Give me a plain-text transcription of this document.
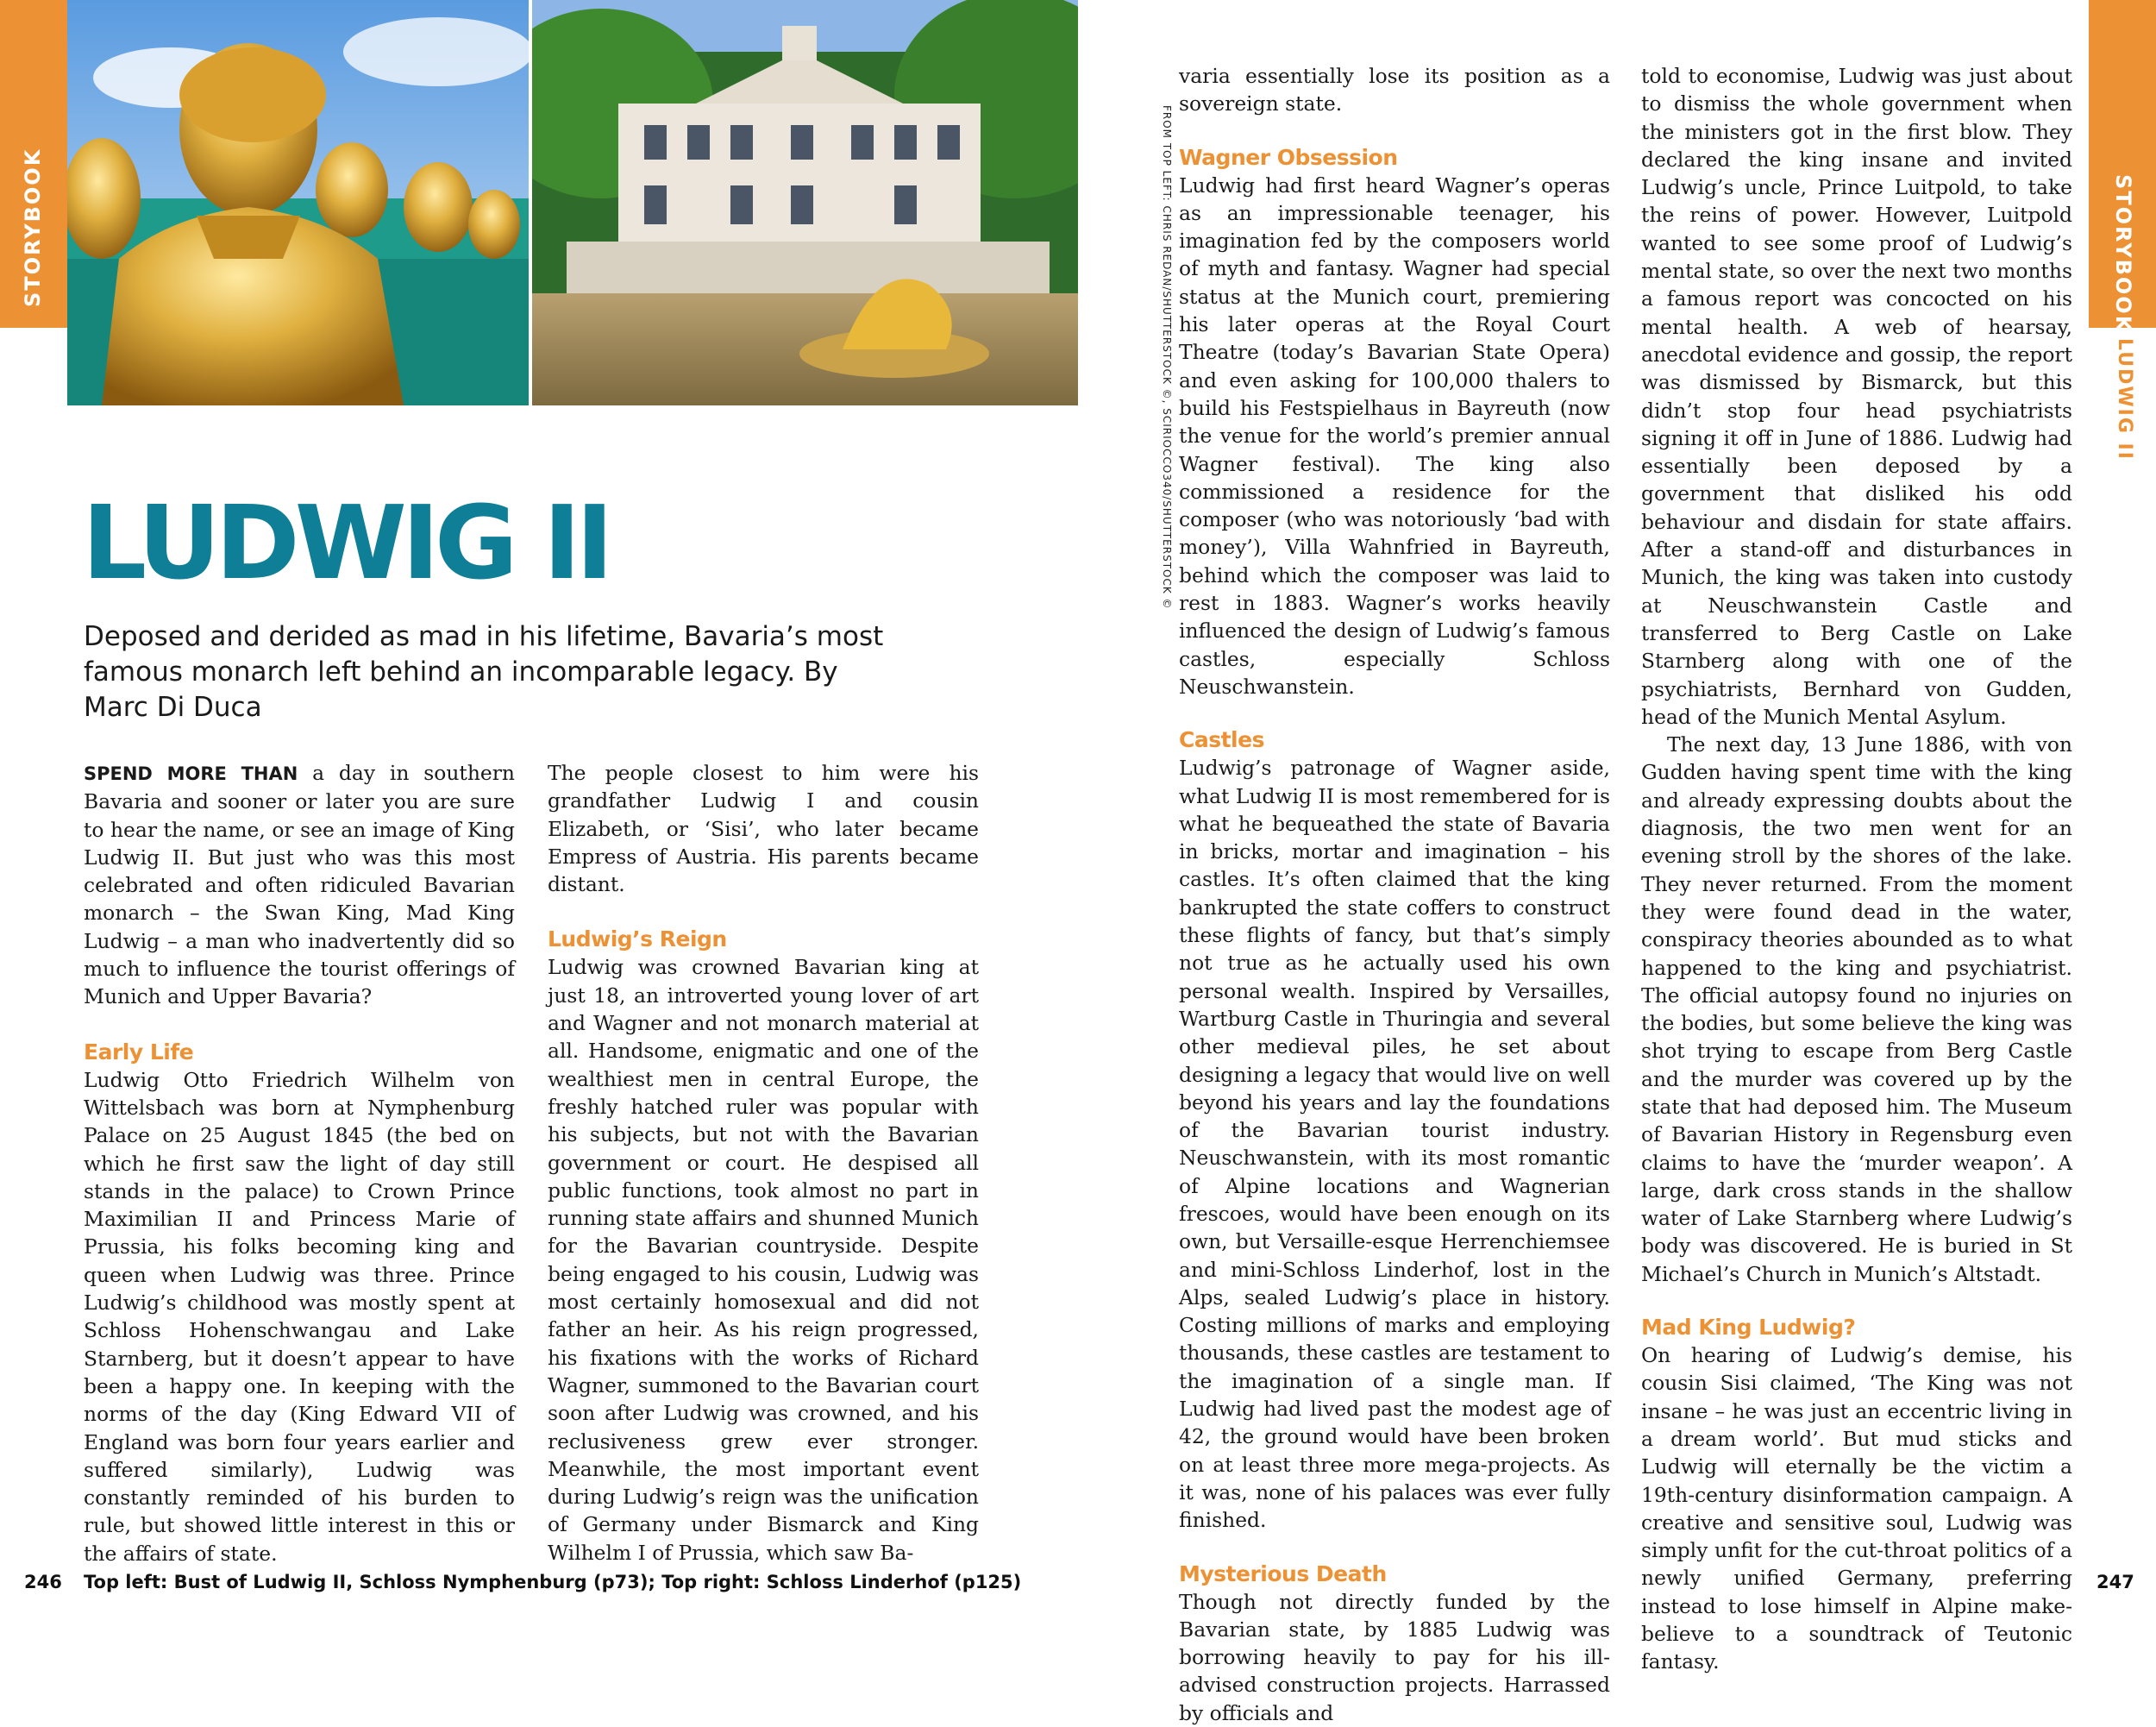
STORYBOOK	STORYBOOK
LUDWIG II
FROM TOP LEFT: CHRIS REDAN/SHUTTERSTOCK ©, SCIRIOCCO340/SHUTTERSTOCK ©
LUDWIG II
Deposed and derided as mad in his lifetime, Bavaria’s most famous monarch left behind an incomparable legacy. By Marc Di Duca

SPEND MORE THAN a day in southern Bavaria and sooner or later you are sure to hear the name, or see an image of King Ludwig II. But just who was this most celebrated and often ridiculed Bavarian monarch – the Swan King, Mad King Ludwig – a man who inadvertently did so much to influence the tourist offerings of Munich and Upper Bavaria?

Early Life

Ludwig Otto Friedrich Wilhelm von Wittelsbach was born at Nymphenburg Palace on 25 August 1845 (the bed on which he first saw the light of day still stands in the palace) to Crown Prince Maximilian II and Princess Marie of Prussia, his folks becoming king and queen when Ludwig was three. Prince Ludwig’s childhood was mostly spent at Schloss Hohenschwangau and Lake Starnberg, but it doesn’t appear to have been a happy one. In keeping with the norms of the day (King Edward VII of England was born four years earlier and suffered similarly), Ludwig was constantly reminded of his burden to rule, but showed little interest in this or the affairs of state.

The people closest to him were his grandfather Ludwig I and cousin Elizabeth, or ‘Sisi’, who later became Empress of Austria. His parents became distant.

Ludwig’s Reign

Ludwig was crowned Bavarian king at just 18, an introverted young lover of art and Wagner and not monarch material at all. Handsome, enigmatic and one of the wealthiest men in central Europe, the freshly hatched ruler was popular with his subjects, but not with the Bavarian government or court. He despised all public functions, took almost no part in running state affairs and shunned Munich for the Bavarian countryside. Despite being engaged to his cousin, Ludwig was most certainly homosexual and did not father an heir. As his reign progressed, his fixations with the works of Richard Wagner, summoned to the Bavarian court soon after Ludwig was crowned, and his reclusiveness grew ever stronger. Meanwhile, the most important event during Ludwig’s reign was the unification of Germany under Bismarck and King Wilhelm I of Prussia, which saw Ba-

varia essentially lose its position as a sovereign state.

Wagner Obsession

Ludwig had first heard Wagner’s operas as an impressionable teenager, his imagination fed by the composers world of myth and fantasy. Wagner had special status at the Munich court, premiering his later operas at the Royal Court Theatre (today’s Bavarian State Opera) and even asking for 100,000 thalers to build his Festspielhaus in Bayreuth (now the venue for the world’s premier annual Wagner festival). The king also commissioned a residence for the composer (who was notoriously ‘bad with money’), Villa Wahnfried in Bayreuth, behind which the composer was laid to rest in 1883. Wagner’s works heavily influenced the design of Ludwig’s famous castles, especially Schloss Neuschwanstein.

Castles

Ludwig’s patronage of Wagner aside, what Ludwig II is most remembered for is what he bequeathed the state of Bavaria in bricks, mortar and imagination – his castles. It’s often claimed that the king bankrupted the state coffers to construct these flights of fancy, but that’s simply not true as he actually used his own personal wealth. Inspired by Versailles, Wartburg Castle in Thuringia and several other medieval piles, he set about designing a legacy that would live on well beyond his years and lay the foundations of the Bavarian tourist industry. Neuschwanstein, with its most romantic of Alpine locations and Wagnerian frescoes, would have been enough on its own, but Versaille-esque Herrenchiemsee and mini-Schloss Linderhof, lost in the Alps, sealed Ludwig’s place in history. Costing millions of marks and employing thousands, these castles are testament to the imagination of a single man. If Ludwig had lived past the modest age of 42, the ground would have been broken on at least three more mega-projects. As it was, none of his palaces was ever fully finished.

Mysterious Death

Though not directly funded by the Bavarian state, by 1885 Ludwig was borrowing heavily to pay for his ill-advised construction projects. Harrassed by officials and

told to economise, Ludwig was just about to dismiss the whole government when the ministers got in the first blow. They declared the king insane and invited Ludwig’s uncle, Prince Luitpold, to take the reins of power. However, Luitpold wanted to see some proof of Ludwig’s mental state, so over the next two months a famous report was concocted on his mental health. A web of hearsay, anecdotal evidence and gossip, the report was dismissed by Bismarck, but this didn’t stop four head psychiatrists signing it off in June of 1886. Ludwig had essentially been deposed by a government that disliked his odd behaviour and disdain for state affairs. After a stand-off and disturbances in Munich, the king was taken into custody at Neuschwanstein Castle and transferred to Berg Castle on Lake Starnberg along with one of the psychiatrists, Bernhard von Gudden, head of the Munich Mental Asylum.

The next day, 13 June 1886, with von Gudden having spent time with the king and already expressing doubts about the diagnosis, the two men went for an evening stroll by the shores of the lake. They never returned. From the moment they were found dead in the water, conspiracy theories abounded as to what happened to the king and psychiatrist. The official autopsy found no injuries on the bodies, but some believe the king was shot trying to escape from Berg Castle and the murder was covered up by the state that had deposed him. The Museum of Bavarian History in Regensburg even claims to have the ‘murder weapon’. A large, dark cross stands in the shallow water of Lake Starnberg where Ludwig’s body was discovered. He is buried in St Michael’s Church in Munich’s Altstadt.

Mad King Ludwig?

On hearing of Ludwig’s demise, his cousin Sisi claimed, ‘The King was not insane – he was just an eccentric living in a dream world’. But mud sticks and Ludwig will eternally be the victim a 19th-century disinformation campaign. A creative and sensitive soul, Ludwig was simply unfit for the cut-throat politics of a newly unified Germany, preferring instead to lose himself in Alpine make-believe to a soundtrack of Teutonic fantasy.

246 Top left: Bust of Ludwig II, Schloss Nymphenburg (p73); Top right: Schloss Linderhof (p125)	247
